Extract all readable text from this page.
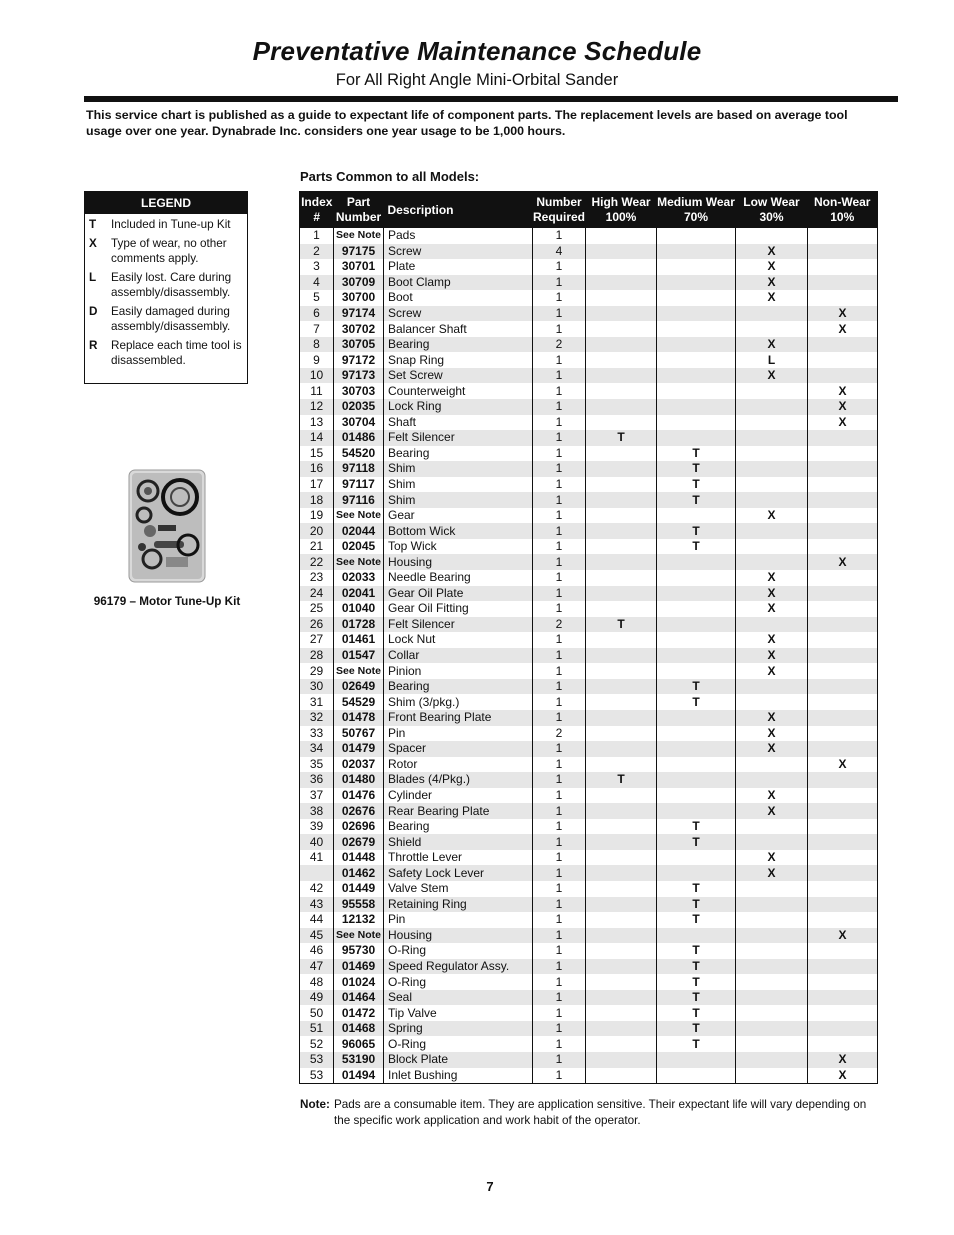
Preventative Maintenance Schedule
For All Right Angle Mini-Orbital Sander
This service chart is published as a guide to expectant life of component parts. The replacement levels are based on average tool usage over one year. Dynabrade Inc. considers one year usage to be 1,000 hours.
Parts Common to all Models:
LEGEND
T	Included in Tune-up Kit
X	Type of wear, no other comments apply.
L	Easily lost. Care during assembly/disassembly.
D	Easily damaged during assembly/disassembly.
R	Replace each time tool is disassembled.
96179 – Motor Tune-Up Kit
Index #	Part Number	Description	Number Required	High Wear 100%	Medium Wear 70%	Low Wear 30%	Non-Wear 10%
1	See Note	Pads	1				
2	97175	Screw	4			X	
3	30701	Plate	1			X	
4	30709	Boot Clamp	1			X	
5	30700	Boot	1			X	
6	97174	Screw	1				X
7	30702	Balancer Shaft	1				X
8	30705	Bearing	2			X	
9	97172	Snap Ring	1			L	
10	97173	Set Screw	1			X	
11	30703	Counterweight	1				X
12	02035	Lock Ring	1				X
13	30704	Shaft	1				X
14	01486	Felt Silencer	1	T			
15	54520	Bearing	1		T		
16	97118	Shim	1		T		
17	97117	Shim	1		T		
18	97116	Shim	1		T		
19	See Note	Gear	1			X	
20	02044	Bottom Wick	1		T		
21	02045	Top Wick	1		T		
22	See Note	Housing	1				X
23	02033	Needle Bearing	1			X	
24	02041	Gear Oil Plate	1			X	
25	01040	Gear Oil Fitting	1			X	
26	01728	Felt Silencer	2	T			
27	01461	Lock Nut	1			X	
28	01547	Collar	1			X	
29	See Note	Pinion	1			X	
30	02649	Bearing	1		T		
31	54529	Shim (3/pkg.)	1		T		
32	01478	Front Bearing Plate	1			X	
33	50767	Pin	2			X	
34	01479	Spacer	1			X	
35	02037	Rotor	1				X
36	01480	Blades (4/Pkg.)	1	T			
37	01476	Cylinder	1			X	
38	02676	Rear Bearing Plate	1			X	
39	02696	Bearing	1		T		
40	02679	Shield	1		T		
41	01448	Throttle Lever	1			X	
	01462	Safety Lock Lever	1			X	
42	01449	Valve Stem	1		T		
43	95558	Retaining Ring	1		T		
44	12132	Pin	1		T		
45	See Note	Housing	1				X
46	95730	O-Ring	1		T		
47	01469	Speed Regulator Assy.	1		T		
48	01024	O-Ring	1		T		
49	01464	Seal	1		T		
50	01472	Tip Valve	1		T		
51	01468	Spring	1		T		
52	96065	O-Ring	1		T		
53	53190	Block Plate	1				X
53	01494	Inlet Bushing	1				X
Note: Pads are a consumable item. They are application sensitive. Their expectant life will vary depending on the specific work application and work habit of the operator.
7
